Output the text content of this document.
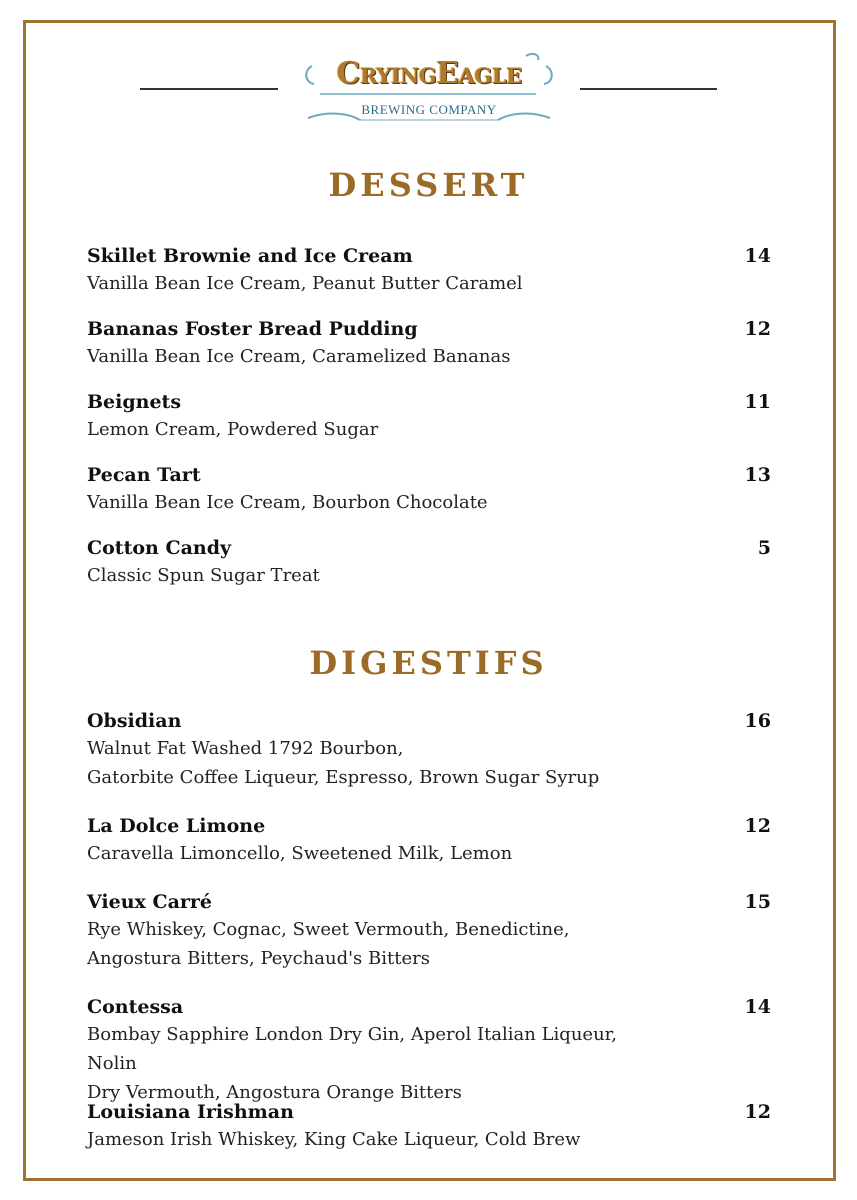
CryingEagle
BREWING COMPANY
DESSERT
Skillet Brownie and Ice Cream	14
Vanilla Bean Ice Cream, Peanut Butter Caramel
Bananas Foster Bread Pudding	12
Vanilla Bean Ice Cream, Caramelized Bananas
Beignets	11
Lemon Cream, Powdered Sugar
Pecan Tart	13
Vanilla Bean Ice Cream, Bourbon Chocolate
Cotton Candy	5
Classic Spun Sugar Treat
DIGESTIFS
Obsidian	16
Walnut Fat Washed 1792 Bourbon,
Gatorbite Coffee Liqueur, Espresso, Brown Sugar Syrup
La Dolce Limone	12
Caravella Limoncello, Sweetened Milk, Lemon
Vieux Carré	15
Rye Whiskey, Cognac, Sweet Vermouth, Benedictine,
Angostura Bitters, Peychaud's Bitters
Contessa	14
Bombay Sapphire London Dry Gin, Aperol Italian Liqueur,
Nolin
Dry Vermouth, Angostura Orange Bitters
Louisiana Irishman	12
Jameson Irish Whiskey, King Cake Liqueur, Cold Brew
